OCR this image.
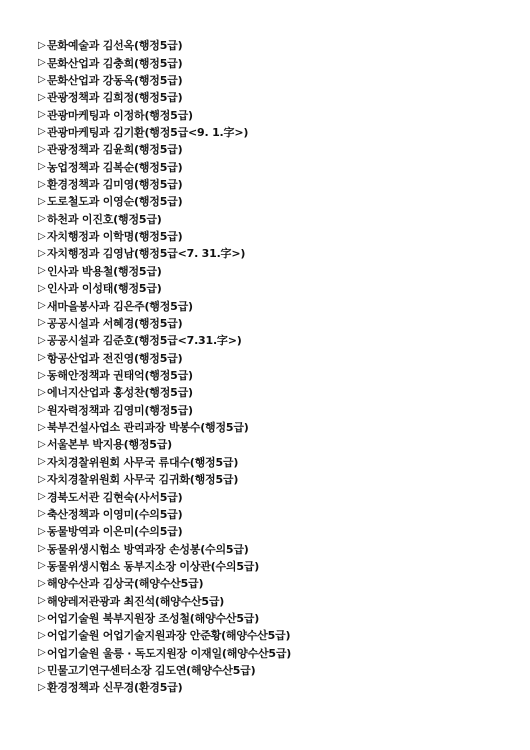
▷ 문화예술과 김선옥(행정5급)
▷ 문화산업과 김충희(행정5급)
▷ 문화산업과 강동옥(행정5급)
▷ 관광정책과 김희정(행정5급)
▷ 관광마케팅과 이정하(행정5급)
▷ 관광마케팅과 김기환(행정5급<9. 1.字>)
▷ 관광정책과 김윤희(행정5급)
▷ 농업정책과 김복순(행정5급)
▷ 환경정책과 김미영(행정5급)
▷ 도로철도과 이영순(행정5급)
▷ 하천과 이진호(행정5급)
▷ 자치행정과 이학명(행정5급)
▷ 자치행정과 김영남(행정5급<7. 31.字>)
▷ 인사과 박용철(행정5급)
▷ 인사과 이성태(행정5급)
▷ 새마을봉사과 김은주(행정5급)
▷ 공공시설과 서혜경(행정5급)
▷ 공공시설과 김준호(행정5급<7.31.字>)
▷ 항공산업과 전진영(행정5급)
▷ 동해안정책과 권태억(행정5급)
▷ 에너지산업과 홍성찬(행정5급)
▷ 원자력정책과 김영미(행정5급)
▷ 북부건설사업소 관리과장 박봉수(행정5급)
▷ 서울본부 박지용(행정5급)
▷ 자치경찰위원회 사무국 류대수(행정5급)
▷ 자치경찰위원회 사무국 김귀화(행정5급)
▷ 경북도서관 김현숙(사서5급)
▷ 축산정책과 이영미(수의5급)
▷ 동물방역과 이은미(수의5급)
▷ 동물위생시험소 방역과장 손성봉(수의5급)
▷ 동물위생시험소 동부지소장 이상관(수의5급)
▷ 해양수산과 김상국(해양수산5급)
▷ 해양레저관광과 최진석(해양수산5급)
▷ 어업기술원 북부지원장 조성철(해양수산5급)
▷ 어업기술원 어업기술지원과장 안준황(해양수산5급)
▷ 어업기술원 울릉 · 독도지원장 이재일(해양수산5급)
▷ 민물고기연구센터소장 김도연(해양수산5급)
▷ 환경정책과 신무경(환경5급)
